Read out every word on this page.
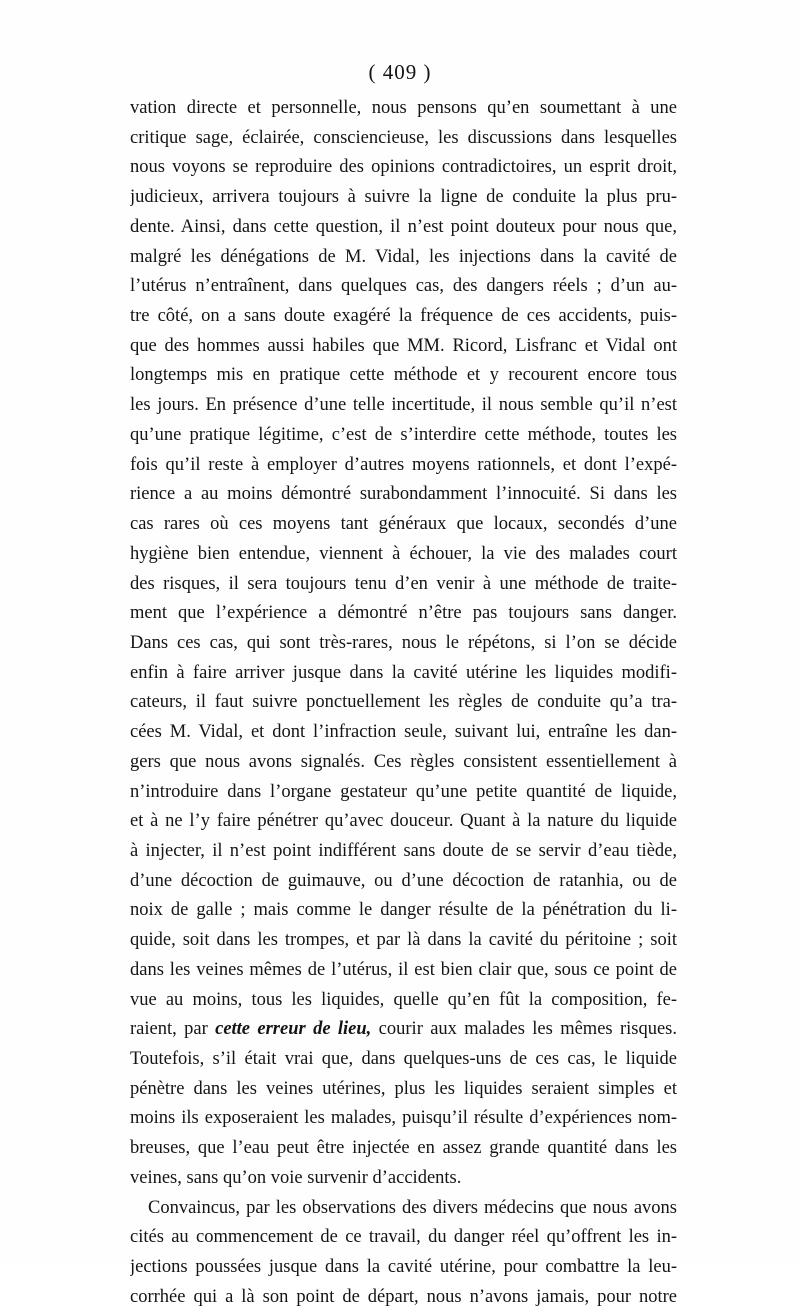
( 409 )
vation directe et personnelle, nous pensons qu’en soumettant à une
critique sage, éclairée, consciencieuse, les discussions dans lesquelles
nous voyons se reproduire des opinions contradictoires, un esprit droit,
judicieux, arrivera toujours à suivre la ligne de conduite la plus pru-
dente. Ainsi, dans cette question, il n’est point douteux pour nous que,
malgré les dénégations de M. Vidal, les injections dans la cavité de
l’utérus n’entraînent, dans quelques cas, des dangers réels ; d’un au-
tre côté, on a sans doute exagéré la fréquence de ces accidents, puis-
que des hommes aussi habiles que MM. Ricord, Lisfranc et Vidal ont
longtemps mis en pratique cette méthode et y recourent encore tous
les jours. En présence d’une telle incertitude, il nous semble qu’il n’est
qu’une pratique légitime, c’est de s’interdire cette méthode, toutes les
fois qu’il reste à employer d’autres moyens rationnels, et dont l’expé-
rience a au moins démontré surabondamment l’innocuité. Si dans les
cas rares où ces moyens tant généraux que locaux, secondés d’une
hygiène bien entendue, viennent à échouer, la vie des malades court
des risques, il sera toujours tenu d’en venir à une méthode de traite-
ment que l’expérience a démontré n’être pas toujours sans danger.
Dans ces cas, qui sont très-rares, nous le répétons, si l’on se décide
enfin à faire arriver jusque dans la cavité utérine les liquides modifi-
cateurs, il faut suivre ponctuellement les règles de conduite qu’a tra-
cées M. Vidal, et dont l’infraction seule, suivant lui, entraîne les dan-
gers que nous avons signalés. Ces règles consistent essentiellement à
n’introduire dans l’organe gestateur qu’une petite quantité de liquide,
et à ne l’y faire pénétrer qu’avec douceur. Quant à la nature du liquide
à injecter, il n’est point indifférent sans doute de se servir d’eau tiède,
d’une décoction de guimauve, ou d’une décoction de ratanhia, ou de
noix de galle ; mais comme le danger résulte de la pénétration du li-
quide, soit dans les trompes, et par là dans la cavité du péritoine ; soit
dans les veines mêmes de l’utérus, il est bien clair que, sous ce point de
vue au moins, tous les liquides, quelle qu’en fût la composition, fe-
raient, par cette erreur de lieu, courir aux malades les mêmes risques.
Toutefois, s’il était vrai que, dans quelques-uns de ces cas, le liquide
pénètre dans les veines utérines, plus les liquides seraient simples et
moins ils exposeraient les malades, puisqu’il résulte d’expériences nom-
breuses, que l’eau peut être injectée en assez grande quantité dans les
veines, sans qu’on voie survenir d’accidents.
Convaincus, par les observations des divers médecins que nous avons
cités au commencement de ce travail, du danger réel qu’offrent les in-
jections poussées jusque dans la cavité utérine, pour combattre la leu-
corrhée qui a là son point de départ, nous n’avons jamais, pour notre
